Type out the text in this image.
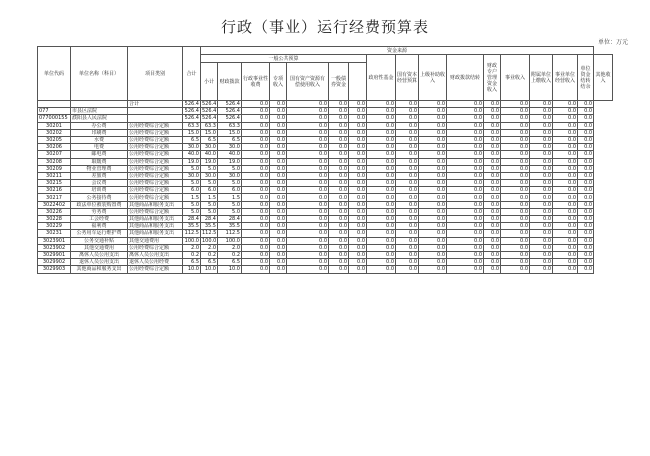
行政（事业）运行经费预算表
单位：万元
单位代码	单位名称（科目）	项目类别	合计	资金来源																
				一般公共预算							政府性基金	国有资本经营预算	上级补助收入	财政拨款结转	财政专户管理资金收入	事业收入	附属单位上缴收入	事业单位经营收入	单位资金结转结余	其他收入
				小计	财政拨款	行政事业性收费	专项收入	国有资产资源有偿使用收入	一般债券资金											
		合计	526.4	526.4	526.4	0.0	0.0	0.0	0.0	0.0	0.0	0.0	0.0	0.0	0.0	0.0	0.0	0.0	0.0	
077	市县区法院		526.4	526.4	526.4	0.0	0.0	0.0	0.0	0.0	0.0	0.0	0.0	0.0	0.0	0.0	0.0	0.0	0.0	
077000155	濮阳县人民法院		526.4	526.4	526.4	0.0	0.0	0.0	0.0	0.0	0.0	0.0	0.0	0.0	0.0	0.0	0.0	0.0	0.0	
30201	办公费	公用经费综合定额	63.3	63.3	63.3	0.0	0.0	0.0	0.0	0.0	0.0	0.0	0.0	0.0	0.0	0.0	0.0	0.0	0.0	
30202	印刷费	公用经费综合定额	15.0	15.0	15.0	0.0	0.0	0.0	0.0	0.0	0.0	0.0	0.0	0.0	0.0	0.0	0.0	0.0	0.0	
30205	水费	公用经费综合定额	6.5	6.5	6.5	0.0	0.0	0.0	0.0	0.0	0.0	0.0	0.0	0.0	0.0	0.0	0.0	0.0	0.0	
30206	电费	公用经费综合定额	30.0	30.0	30.0	0.0	0.0	0.0	0.0	0.0	0.0	0.0	0.0	0.0	0.0	0.0	0.0	0.0	0.0	
30207	邮电费	公用经费综合定额	40.0	40.0	40.0	0.0	0.0	0.0	0.0	0.0	0.0	0.0	0.0	0.0	0.0	0.0	0.0	0.0	0.0	
30208	取暖费	公用经费综合定额	19.0	19.0	19.0	0.0	0.0	0.0	0.0	0.0	0.0	0.0	0.0	0.0	0.0	0.0	0.0	0.0	0.0	
30209	物业管理费	公用经费综合定额	5.0	5.0	5.0	0.0	0.0	0.0	0.0	0.0	0.0	0.0	0.0	0.0	0.0	0.0	0.0	0.0	0.0	
30211	差旅费	公用经费综合定额	30.0	30.0	30.0	0.0	0.0	0.0	0.0	0.0	0.0	0.0	0.0	0.0	0.0	0.0	0.0	0.0	0.0	
30215	会议费	公用经费综合定额	5.0	5.0	5.0	0.0	0.0	0.0	0.0	0.0	0.0	0.0	0.0	0.0	0.0	0.0	0.0	0.0	0.0	
30216	培训费	公用经费综合定额	6.0	6.0	6.0	0.0	0.0	0.0	0.0	0.0	0.0	0.0	0.0	0.0	0.0	0.0	0.0	0.0	0.0	
30217	公务接待费	公用经费综合定额	1.5	1.5	1.5	0.0	0.0	0.0	0.0	0.0	0.0	0.0	0.0	0.0	0.0	0.0	0.0	0.0	0.0	
3022402	政法单位被装购置费	其他商品和服务支出	5.0	5.0	5.0	0.0	0.0	0.0	0.0	0.0	0.0	0.0	0.0	0.0	0.0	0.0	0.0	0.0	0.0	
30226	劳务费	公用经费综合定额	5.0	5.0	5.0	0.0	0.0	0.0	0.0	0.0	0.0	0.0	0.0	0.0	0.0	0.0	0.0	0.0	0.0	
30228	工会经费	其他商品和服务支出	28.4	28.4	28.4	0.0	0.0	0.0	0.0	0.0	0.0	0.0	0.0	0.0	0.0	0.0	0.0	0.0	0.0	
30229	福利费	其他商品和服务支出	35.5	35.5	35.5	0.0	0.0	0.0	0.0	0.0	0.0	0.0	0.0	0.0	0.0	0.0	0.0	0.0	0.0	
30231	公务用车运行维护费	其他商品和服务支出	112.5	112.5	112.5	0.0	0.0	0.0	0.0	0.0	0.0	0.0	0.0	0.0	0.0	0.0	0.0	0.0	0.0	
3023901	公务交通补贴	其他交通费用	100.0	100.0	100.0	0.0	0.0	0.0	0.0	0.0	0.0	0.0	0.0	0.0	0.0	0.0	0.0	0.0	0.0	
3023902	其他交通费用	公用经费综合定额	2.0	2.0	2.0	0.0	0.0	0.0	0.0	0.0	0.0	0.0	0.0	0.0	0.0	0.0	0.0	0.0	0.0	
3029901	离休人员公用支出	离休人员公用支出	0.2	0.2	0.2	0.0	0.0	0.0	0.0	0.0	0.0	0.0	0.0	0.0	0.0	0.0	0.0	0.0	0.0	
3029902	退休人员公用支出	退休人员公用经费	6.5	6.5	6.5	0.0	0.0	0.0	0.0	0.0	0.0	0.0	0.0	0.0	0.0	0.0	0.0	0.0	0.0	
3029903	其他商品和服务支出	公用经费综合定额	10.0	10.0	10.0	0.0	0.0	0.0	0.0	0.0	0.0	0.0	0.0	0.0	0.0	0.0	0.0	0.0	0.0	
